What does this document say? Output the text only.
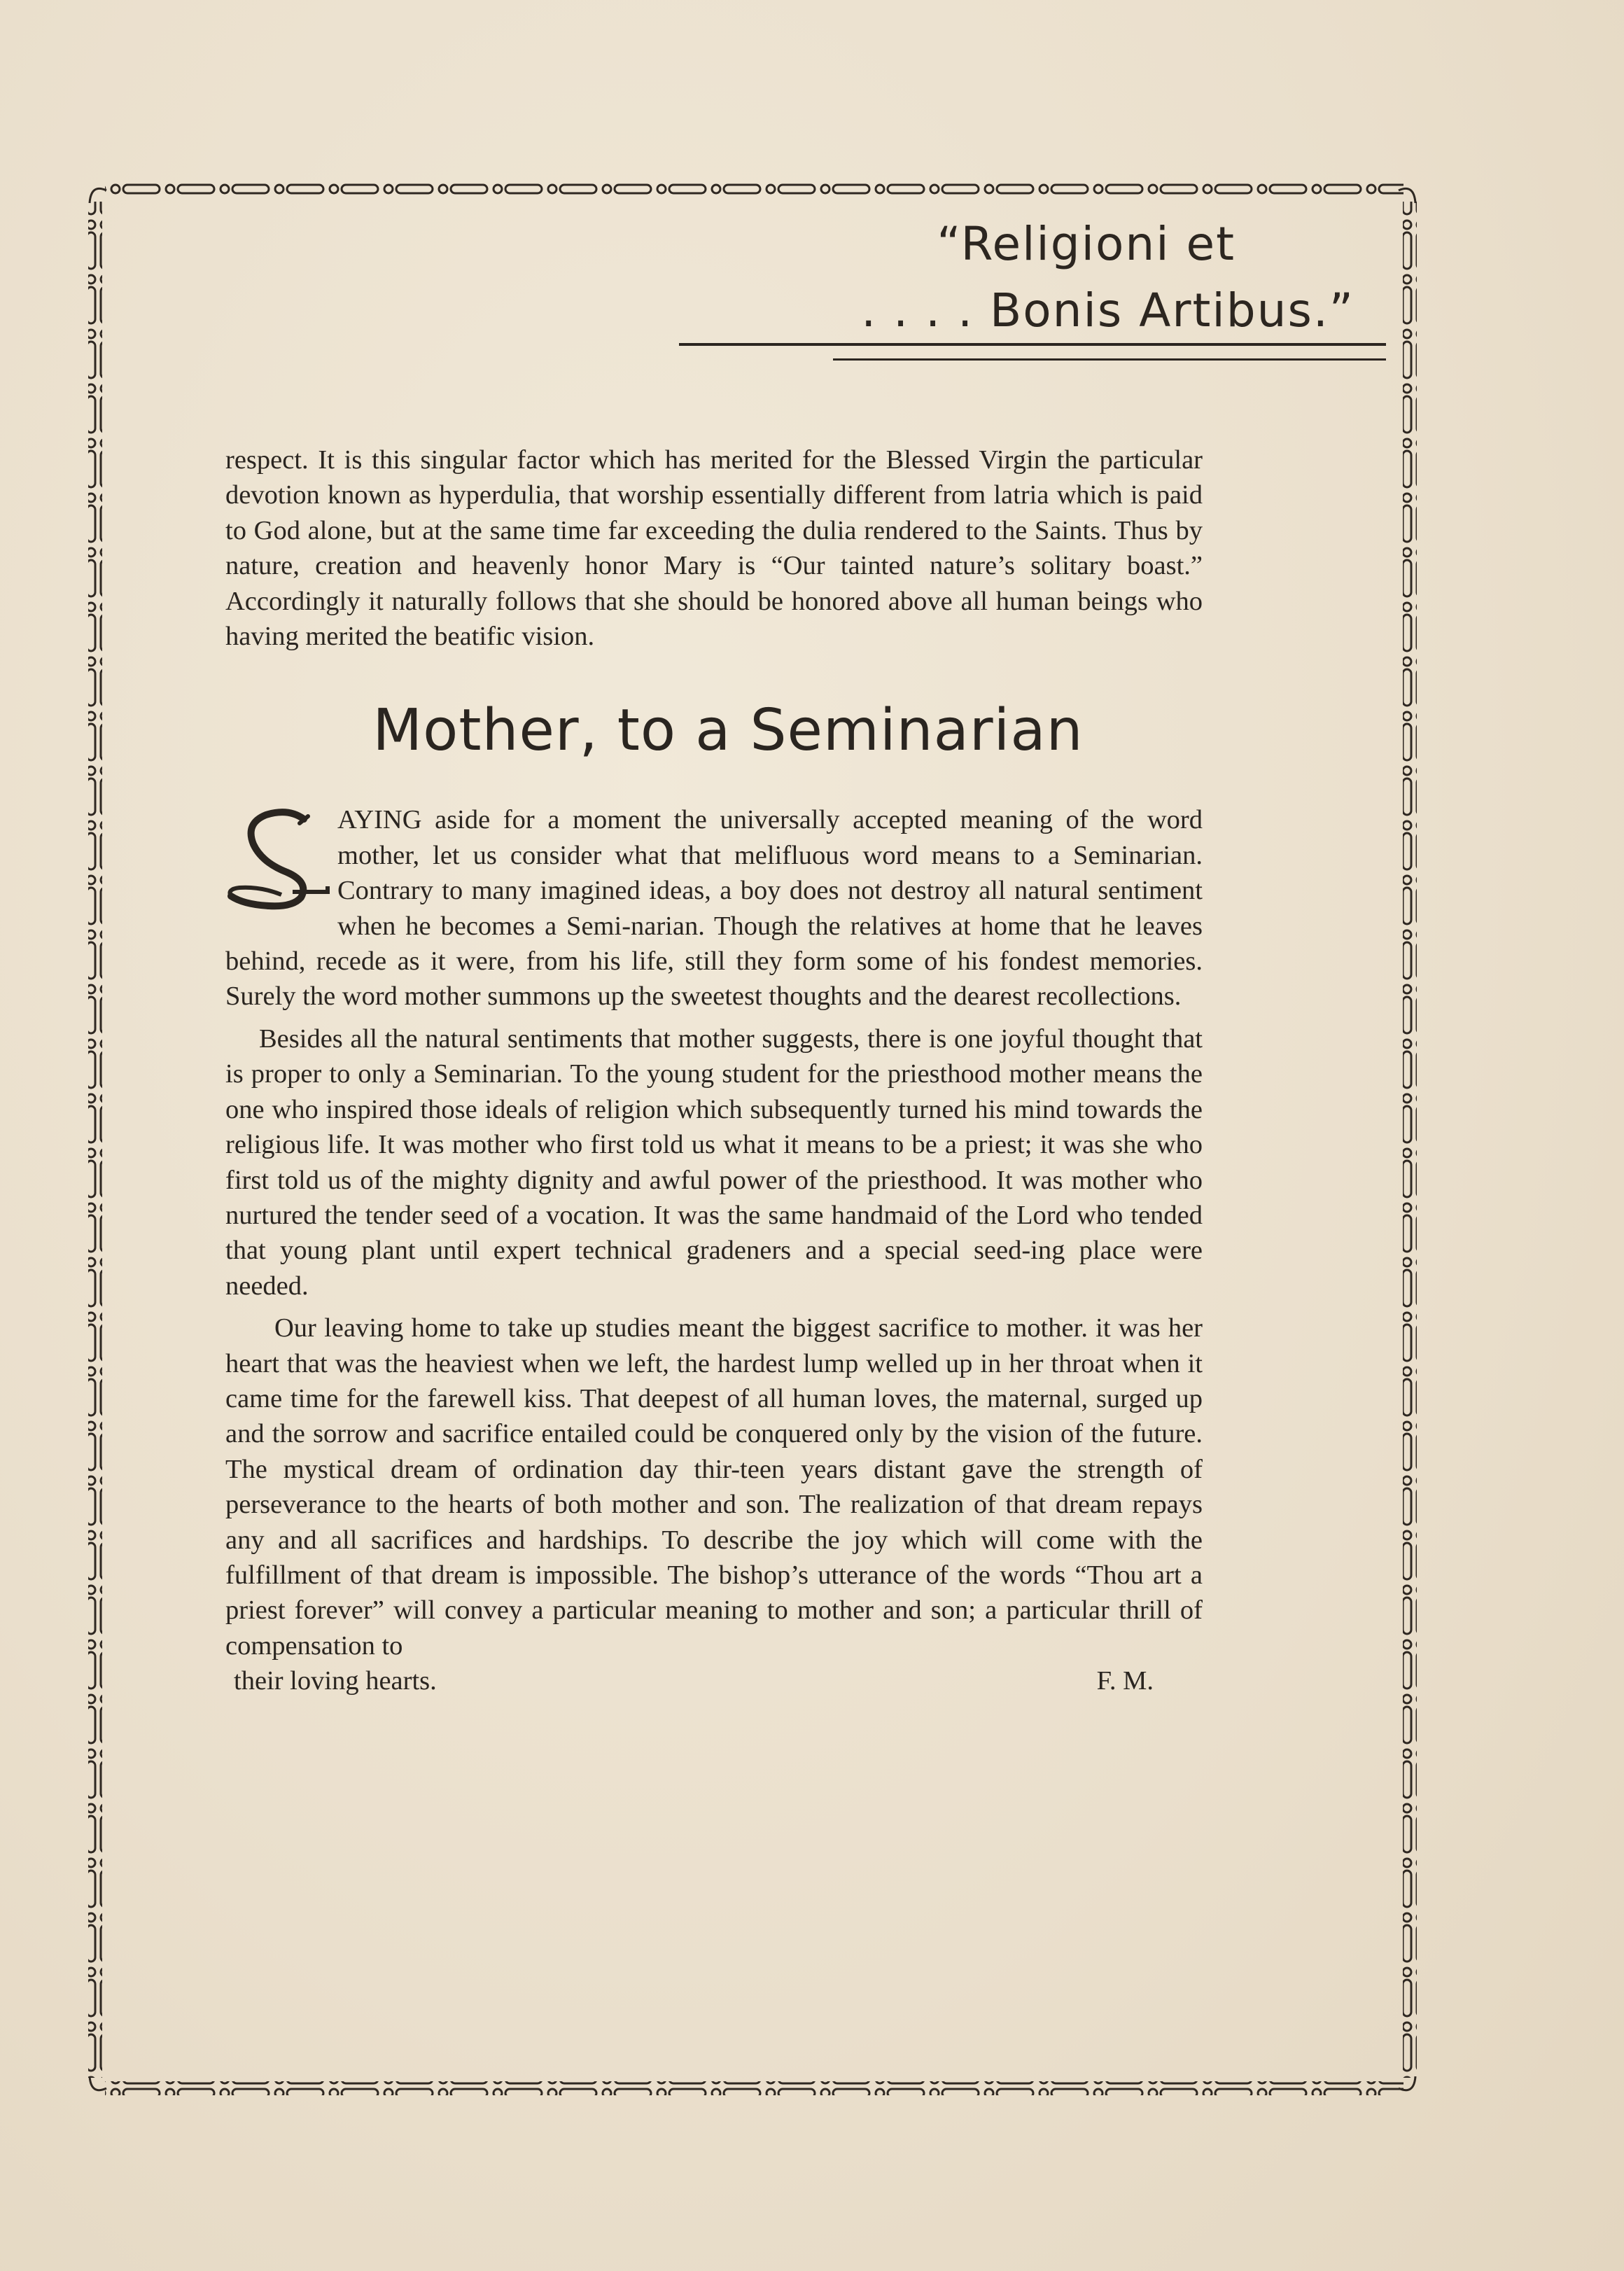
“Religioni et
. . . . Bonis Artibus.”

respect. It is this singular factor which has merited for the Blessed Virgin the particular devotion known as hyperdulia, that worship essentially different from latria which is paid to God alone, but at the same time far exceeding the dulia rendered to the Saints. Thus by nature, creation and heavenly honor Mary is “Our tainted nature’s solitary boast.” Accordingly it naturally follows that she should be honored above all human beings who having merited the beatific vision.

Mother, to a Seminarian

AYING aside for a moment the universally accepted meaning of the word mother, let us consider what that melifluous word means to a Seminarian. Contrary to many imagined ideas, a boy does not destroy all natural sentiment when he becomes a Semi-narian. Though the relatives at home that he leaves behind, recede as it were, from his life, still they form some of his fondest memories. Surely the word mother summons up the sweetest thoughts and the dearest recollections.

Besides all the natural sentiments that mother suggests, there is one joyful thought that is proper to only a Seminarian. To the young student for the priesthood mother means the one who inspired those ideals of religion which subsequently turned his mind towards the religious life. It was mother who first told us what it means to be a priest; it was she who first told us of the mighty dignity and awful power of the priesthood. It was mother who nurtured the tender seed of a vocation. It was the same handmaid of the Lord who tended that young plant until expert technical gradeners and a special seed-ing place were needed.

Our leaving home to take up studies meant the biggest sacrifice to mother. it was her heart that was the heaviest when we left, the hardest lump welled up in her throat when it came time for the farewell kiss. That deepest of all human loves, the maternal, surged up and the sorrow and sacrifice entailed could be conquered only by the vision of the future. The mystical dream of ordination day thir-teen years distant gave the strength of perseverance to the hearts of both mother and son. The realization of that dream repays any and all sacrifices and hardships. To describe the joy which will come with the fulfillment of that dream is impossible. The bishop’s utterance of the words “Thou art a priest forever” will convey a particular meaning to mother and son; a particular thrill of compensation to

their loving hearts.	F. M.
